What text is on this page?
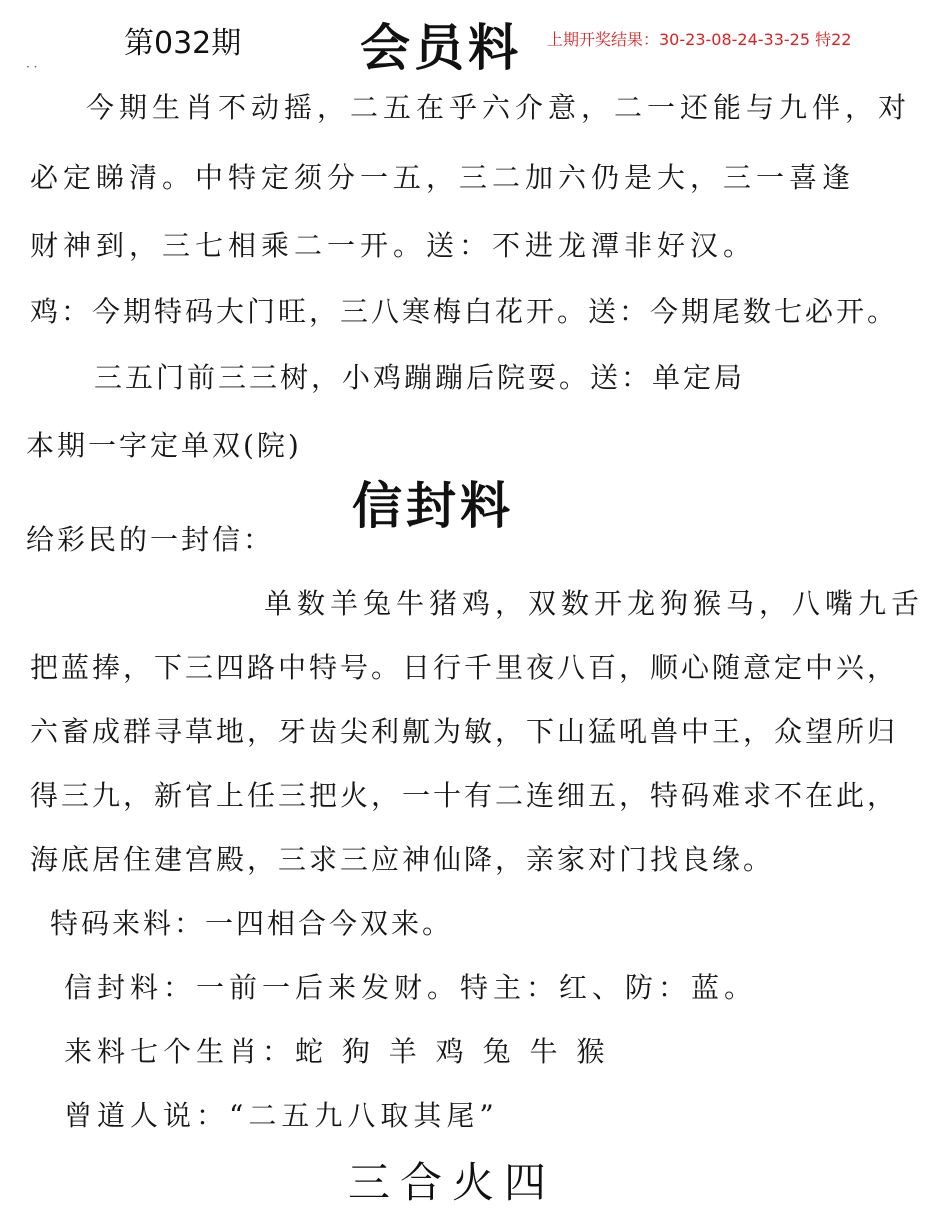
第032期 会员料 上期开奖结果：30-23-08-24-33-25 特22
· ·
今期生肖不动摇，二五在乎六介意，二一还能与九伴，对
必定睇清。中特定须分一五，三二加六仍是大，三一喜逢
财神到，三七相乘二一开。送：不进龙潭非好汉。
鸡：今期特码大门旺，三八寒梅白花开。送：今期尾数七必开。
三五门前三三树，小鸡蹦蹦后院耍。送：单定局
本期一字定单双(院)
信封料
给彩民的一封信：
单数羊兔牛猪鸡，双数开龙狗猴马，八嘴九舌
把蓝捧，下三四路中特号。日行千里夜八百，顺心随意定中兴，
六畜成群寻草地，牙齿尖利鼿为敏，下山猛吼兽中王，众望所归
得三九，新官上任三把火，一十有二连细五，特码难求不在此，
海底居住建宫殿，三求三应神仙降，亲家对门找良缘。
特码来料：一四相合今双来。
信封料：一前一后来发财。特主：红、防：蓝。
来料七个生肖：蛇 狗 羊 鸡 兔 牛 猴
曾道人说：“二五九八取其尾”
三合火四
